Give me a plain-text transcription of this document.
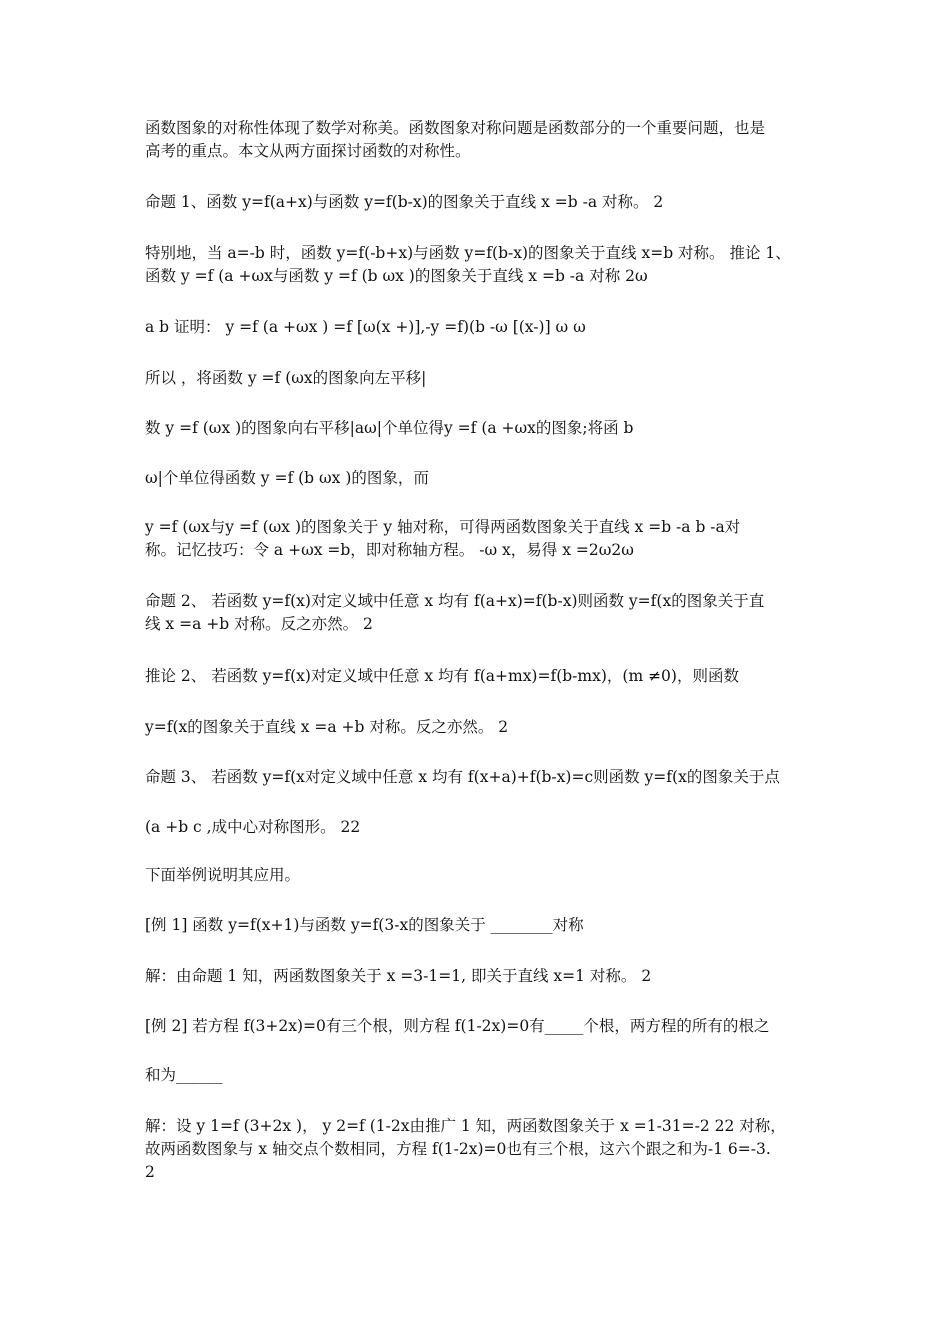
函数图象的对称性体现了数学对称美。函数图象对称问题是函数部分的一个重要问题，也是
高考的重点。本文从两方面探讨函数的对称性。
命题 1、函数 y=f(a+x)与函数 y=f(b-x)的图象关于直线 x =b -a 对称。 2
特别地，当 a=-b 时，函数 y=f(-b+x)与函数 y=f(b-x)的图象关于直线 x=b 对称。 推论 1、
函数 y =f (a +ωx与函数 y =f (b ωx )的图象关于直线 x =b -a 对称 2ω
a b 证明： y =f (a +ωx ) =f [ω(x +)],-y =f)(b -ω [(x-)] ω ω
所以 ，将函数 y =f (ωx的图象向左平移|
数 y =f (ωx )的图象向右平移|aω|个单位得y =f (a +ωx的图象;将函 b
ω|个单位得函数 y =f (b ωx )的图象，而
y =f (ωx与y =f (ωx )的图象关于 y 轴对称，可得两函数图象关于直线 x =b -a b -a对
称。记忆技巧：令 a +ωx =b，即对称轴方程。 -ω x，易得 x =2ω2ω
命题 2、 若函数 y=f(x)对定义域中任意 x 均有 f(a+x)=f(b-x)则函数 y=f(x的图象关于直
线 x =a +b 对称。反之亦然。 2
推论 2、 若函数 y=f(x)对定义域中任意 x 均有 f(a+mx)=f(b-mx)，(m ≠0)，则函数
y=f(x的图象关于直线 x =a +b 对称。反之亦然。 2
命题 3、 若函数 y=f(x对定义域中任意 x 均有 f(x+a)+f(b-x)=c则函数 y=f(x的图象关于点
(a +b c ,成中心对称图形。 22
下面举例说明其应用。
[例 1] 函数 y=f(x+1)与函数 y=f(3-x的图象关于 ________对称
解：由命题 1 知，两函数图象关于 x =3-1=1, 即关于直线 x=1 对称。 2
[例 2] 若方程 f(3+2x)=0有三个根，则方程 f(1-2x)=0有_____个根，两方程的所有的根之
和为______
解：设 y 1=f (3+2x )， y 2=f (1-2x由推广 1 知，两函数图象关于 x =1-31=-2 22 对称，
故两函数图象与 x 轴交点个数相同，方程 f(1-2x)=0也有三个根，这六个跟之和为-1 6=-3.
2
